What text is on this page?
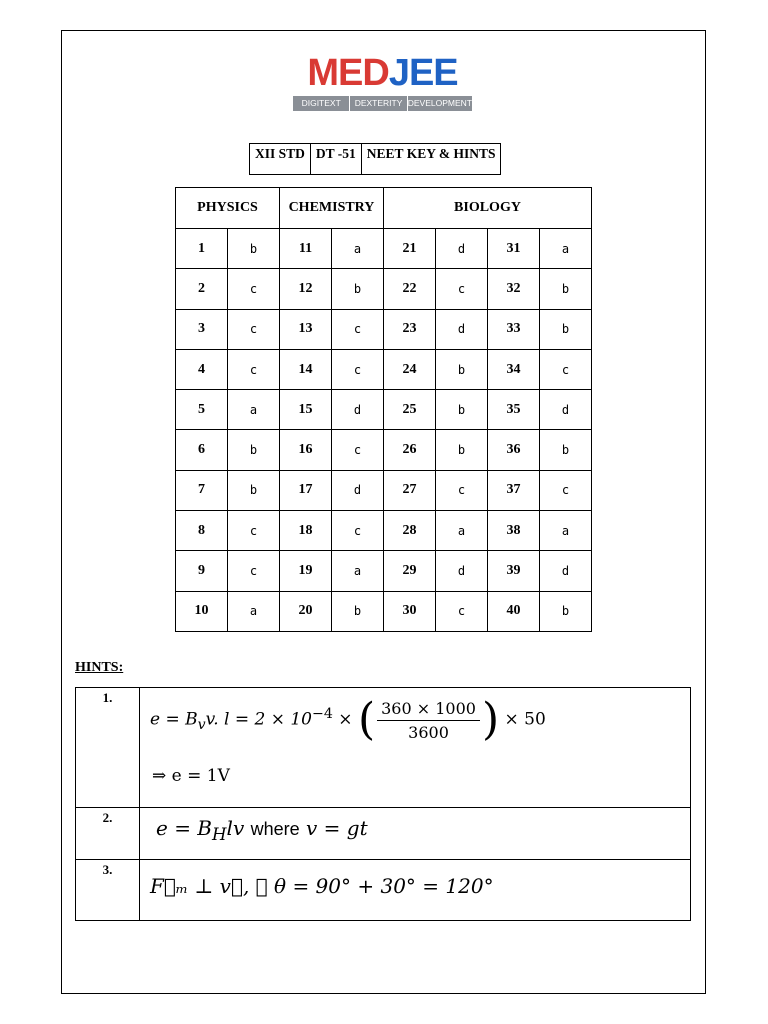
MED JEE
DIGITEXT	DEXTERITY DEVELOPMENT
XII STD	DT -51	NEET KEY & HINTS
PHYSICS		CHEMISTRY		BIOLOGY			
1	b	11	a	21	d	31	a
2	c	12	b	22	c	32	b
3	c	13	c	23	d	33	b
4	c	14	c	24	b	34	c
5	a	15	d	25	b	35	d
6	b	16	c	26	b	36	b
7	b	17	d	27	c	37	c
8	c	18	c	28	a	38	a
9	c	19	a	29	d	39	d
10	a	20	b	30	c	40	b
HINTS:
1.
$e = B_vv$. $l = 2 \times 10^{-4}$ × ( $\frac{360 \times 1000}{3600}$ ) × 50
⇒ e = 1V
2.	$e = B_Hlv$ where v = gt
3.
F⃗ₘ ⊥ v⃗, ∴ θ = 90° + 30° = 120°
